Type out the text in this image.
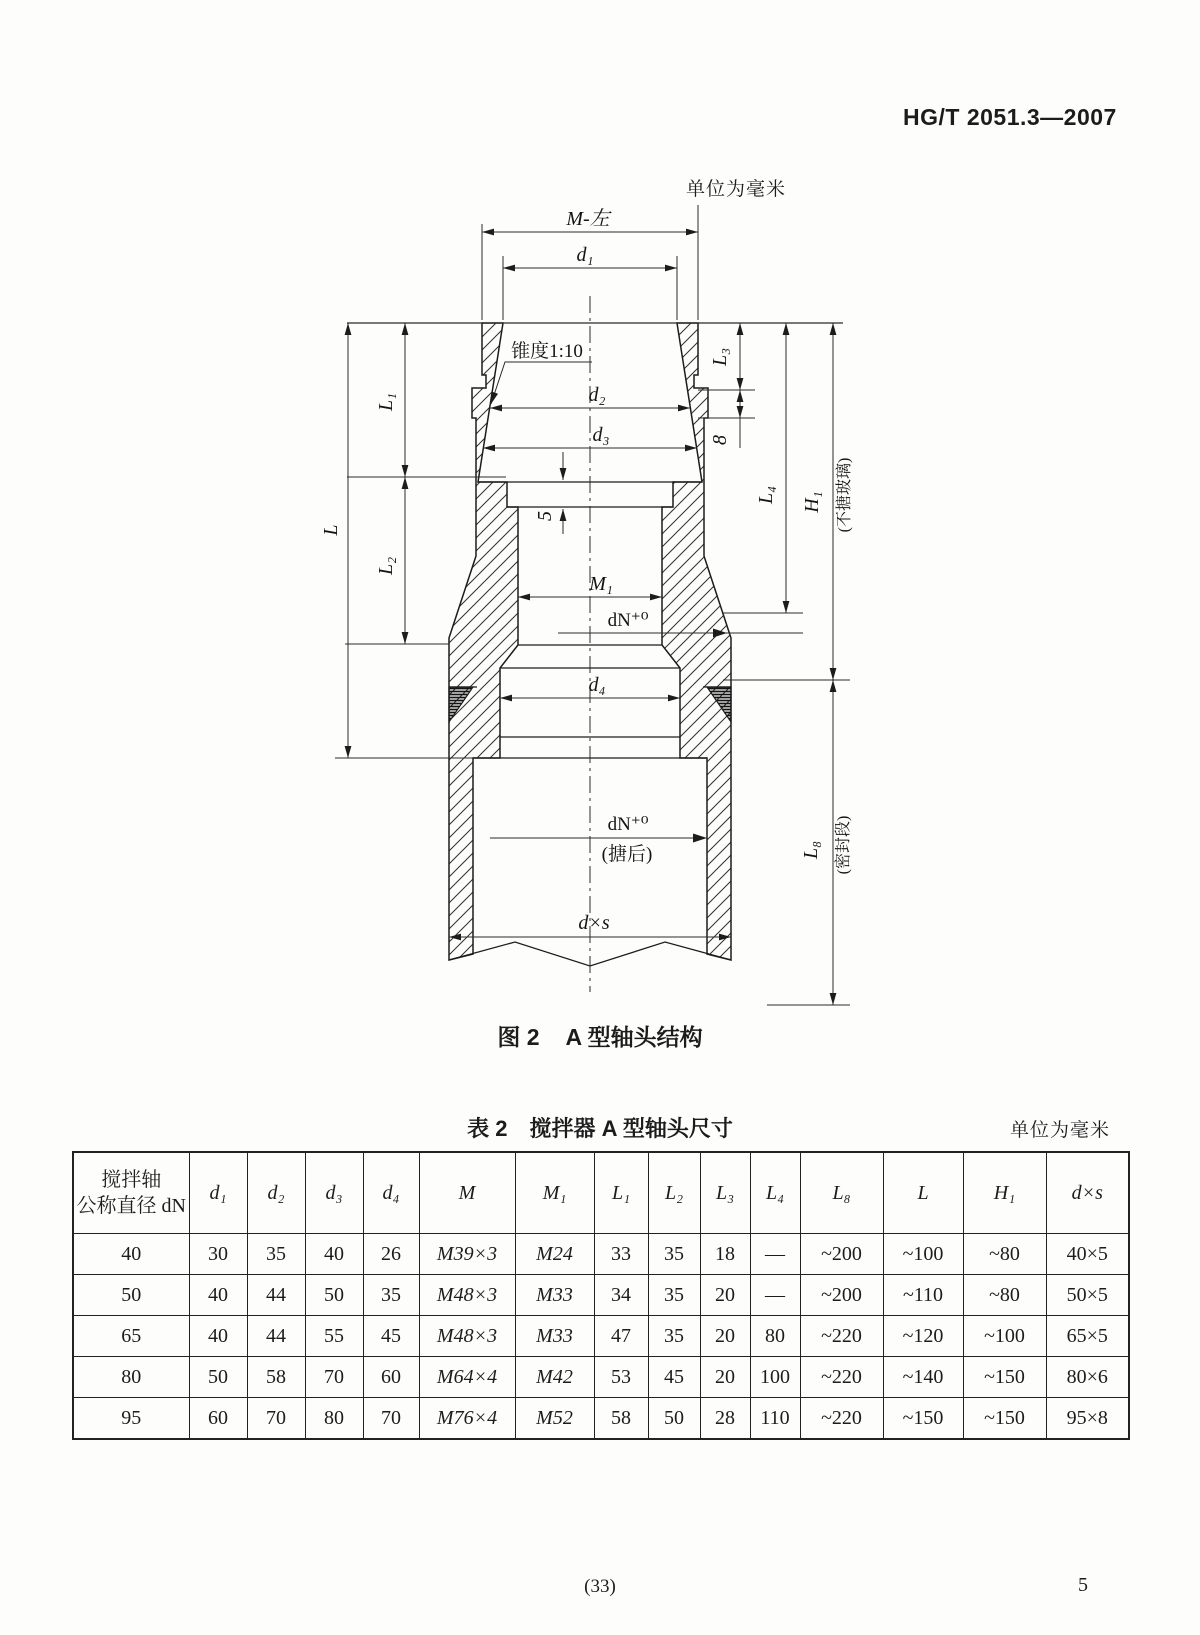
HG/T 2051.3—2007
单位为毫米
M-左
d₁
锥度1:10
d₂
d₃
5
M₁
dN⁺⁰
d₄
dN⁺⁰
(搪后)
d×s
L
L₁
L₂
L₃
8
L₄ H₁ (不搪玻璃)
L₈ (密封段)
图 2 A 型轴头结构
表 2 搅拌器 A 型轴头尺寸	单位为毫米
搅拌轴
公称直径 dN	d₁	d₂	d₃	d₄	M	M₁	L₁	L₂	L₃	L₄	L₈	L	H₁	d×s
40	30	35	40	26	M39×3	M24	33	35	18	—	~200	~100	~80	40×5
50	40	44	50	35	M48×3	M33	34	35	20	—	~200	~110	~80	50×5
65	40	44	55	45	M48×3	M33	47	35	20	80	~220	~120	~100	65×5
80	50	58	70	60	M64×4	M42	53	45	20	100	~220	~140	~150	80×6
95	60	70	80	70	M76×4	M52	58	50	28	110	~220	~150	~150	95×8
(33)	5
